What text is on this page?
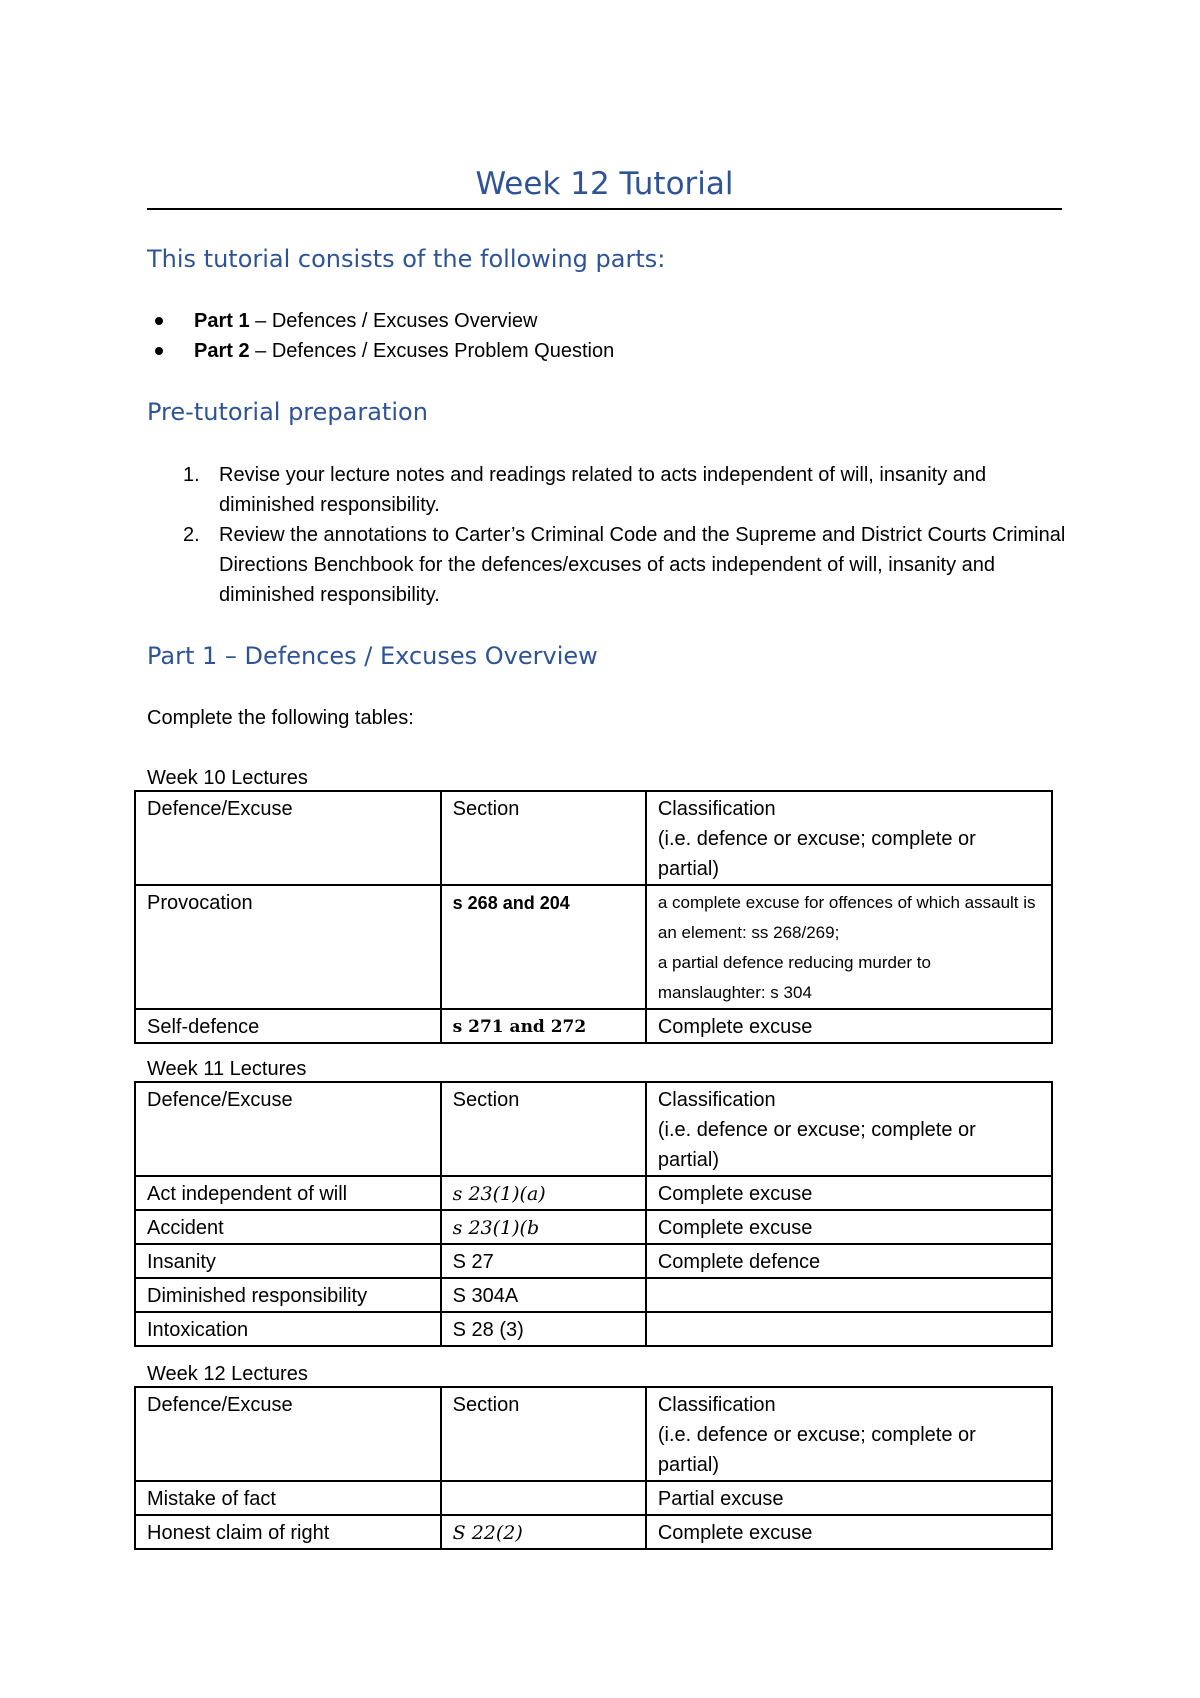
Week 12 Tutorial
This tutorial consists of the following parts:
Part 1 – Defences / Excuses Overview
Part 2 – Defences / Excuses Problem Question
Pre-tutorial preparation
1. Revise your lecture notes and readings related to acts independent of will, insanity and diminished responsibility.
2. Review the annotations to Carter’s Criminal Code and the Supreme and District Courts Criminal Directions Benchbook for the defences/excuses of acts independent of will, insanity and diminished responsibility.
Part 1 – Defences / Excuses Overview

Complete the following tables:

Week 10 Lectures

Defence/Excuse	Section	Classification
(i.e. defence or excuse; complete or partial)

Provocation	s 268 and 204	a complete excuse for offences of which assault is an element: ss 268/269;
a partial defence reducing murder to manslaughter: s 304

Self-defence	s 271 and 272	Complete excuse

Week 11 Lectures

Defence/Excuse	Section	Classification
(i.e. defence or excuse; complete or partial)

Act independent of will	s 23(1)(a)	Complete excuse
Accident	s 23(1)(b	Complete excuse
Insanity	S 27	Complete defence
Diminished responsibility	S 304A	
Intoxication	S 28 (3)	

Week 12 Lectures

Defence/Excuse	Section	Classification
(i.e. defence or excuse; complete or partial)

Mistake of fact		Partial excuse
Honest claim of right	S 22(2)	Complete excuse
